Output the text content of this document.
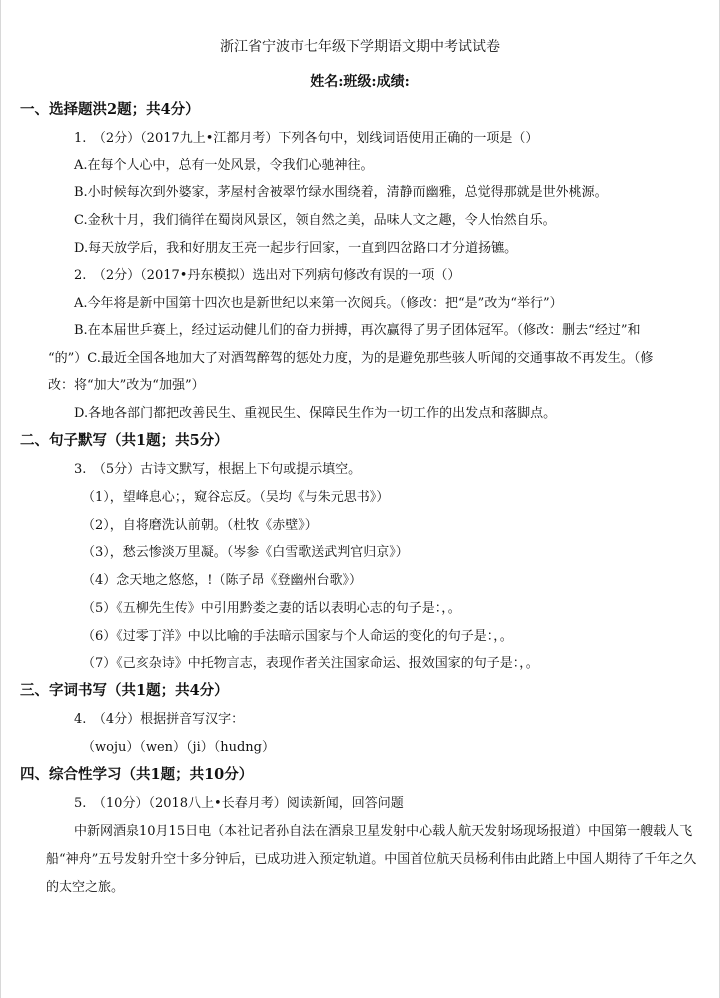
浙江省宁波市七年级下学期语文期中考试试卷
姓名:班级:成绩:
一、选择题洪2题；共4分）
1.　（2分）（2017九上•江都月考）下列各句中，划线词语使用正确的一项是（）
A.在每个人心中，总有一处风景，令我们心驰神往。
B.小时候每次到外婆家，茅屋村舍被翠竹绿水围绕着，清静而幽雅，总觉得那就是世外桃源。
C.金秋十月，我们徜徉在蜀岗风景区，领自然之美，品味人文之趣，令人怡然自乐。
D.每天放学后，我和好朋友王亮一起步行回家，一直到四岔路口才分道扬镳。
2.　（2分）（2017•丹东模拟）选出对下列病句修改有误的一项（）
A.今年将是新中国第十四次也是新世纪以来第一次阅兵。（修改：把“是”改为“举行”）
B.在本届世乒赛上，经过运动健儿们的奋力拼搏，再次赢得了男子团体冠军。（修改：删去“经过”和
“的”）C.最近全国各地加大了对酒驾醉驾的惩处力度，为的是避免那些骇人听闻的交通事故不再发生。（修
改：将“加大”改为“加强”）
D.各地各部门都把改善民生、重视民生、保障民生作为一切工作的出发点和落脚点。
二、句子默写（共1题；共5分）
3.　（5分）古诗文默写，根据上下句或提示填空。
（1），望峰息心；，窥谷忘反。（吴均《与朱元思书》）
（2），自将磨洗认前朝。（杜牧《赤壁》）
（3），愁云惨淡万里凝。（岑参《白雪歌送武判官归京》）
（4）念天地之悠悠，!（陈子昂《登幽州台歌》）
（5）《五柳先生传》中引用黔娄之妻的话以表明心志的句子是：，。
（6）《过零丁洋》中以比喻的手法暗示国家与个人命运的变化的句子是：，。
（7）《己亥杂诗》中托物言志，表现作者关注国家命运、报效国家的句子是：，。
三、字词书写（共1题；共4分）
4.　（4分）根据拼音写汉字：
（woju）（wen）（ji）（hudng）
四、综合性学习（共1题；共10分）
5.　（10分）（2018八上•长春月考）阅读新闻，回答问题
中新网酒泉10月15日电（本社记者孙自法在酒泉卫星发射中心载人航天发射场现场报道）中国第一艘载人飞船“神舟”五号发射升空十多分钟后，已成功进入预定轨道。中国首位航天员杨利伟由此踏上中国人期待了千年之久的太空之旅。
